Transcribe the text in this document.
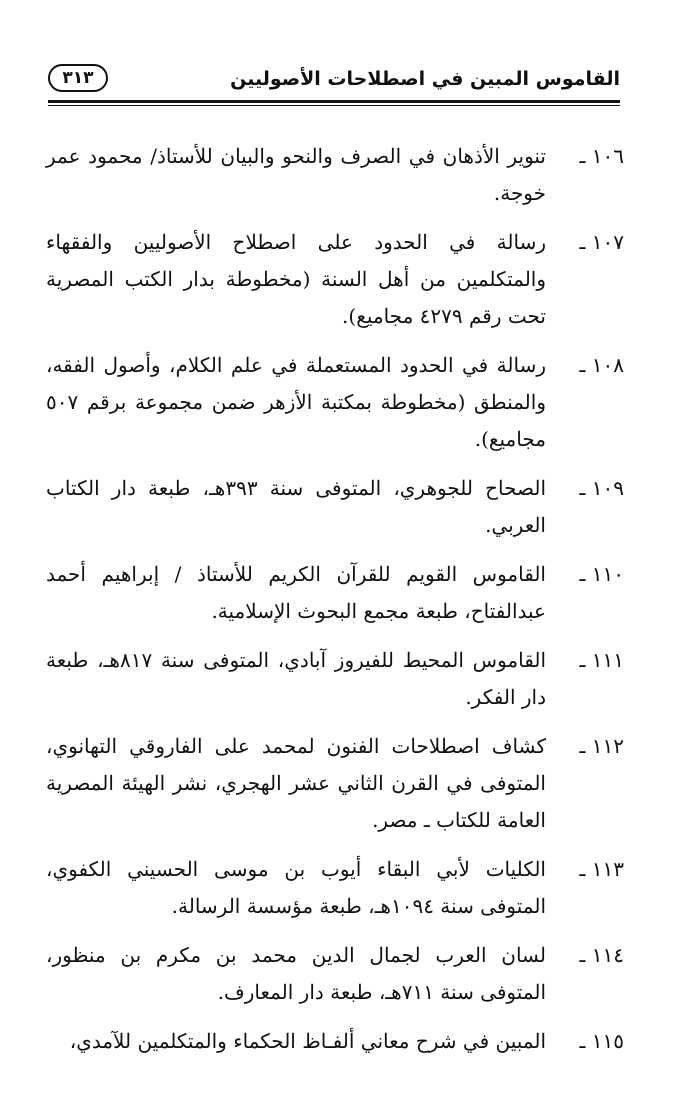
القاموس المبين في اصطلاحات الأصوليين
٣١٣
١٠٦ ـ
تنوير الأذهان في الصرف والنحو والبيان للأستاذ/ محمود عمر خوجة.
١٠٧ ـ
رسالة في الحدود على اصطلاح الأصوليين والفقهاء والمتكلمين من أهل السنة (مخطوطة بدار الكتب المصرية تحت رقم ٤٢٧٩ مجاميع).
١٠٨ ـ
رسالة في الحدود المستعملة في علم الكلام، وأصول الفقه، والمنطق (مخطوطة بمكتبة الأزهر ضمن مجموعة برقم ٥٠٧ مجاميع).
١٠٩ ـ
الصحاح للجوهري، المتوفى سنة ٣٩٣هـ، طبعة دار الكتاب العربي.
١١٠ ـ
القاموس القويم للقرآن الكريم للأستاذ / إبراهيم أحمد عبدالفتاح، طبعة مجمع البحوث الإسلامية.
١١١ ـ
القاموس المحيط للفيروز آبادي، المتوفى سنة ٨١٧هـ، طبعة دار الفكر.
١١٢ ـ
كشاف اصطلاحات الفنون لمحمد على الفاروقي التهانوي، المتوفى في القرن الثاني عشر الهجري، نشر الهيئة المصرية العامة للكتاب ـ مصر.
١١٣ ـ
الكليات لأبي البقاء أيوب بن موسى الحسيني الكفوي، المتوفى سنة ١٠٩٤هـ، طبعة مؤسسة الرسالة.
١١٤ ـ
لسان العرب لجمال الدين محمد بن مكرم بن منظور، المتوفى سنة ٧١١هـ، طبعة دار المعارف.
١١٥ ـ
المبين في شرح معاني ألفـاظ الحكماء والمتكلمين للآمدي،
